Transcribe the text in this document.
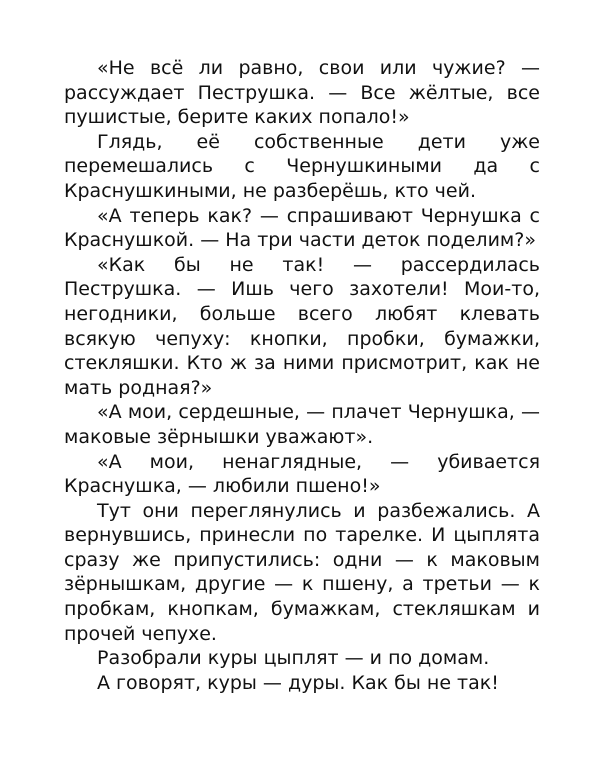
«Не всё ли равно, свои или чужие? — рассуждает Пеструшка. — Все жёлтые, все пушистые, берите каких попало!»

Глядь, её собственные дети уже перемешались с Чернушкиными да с Краснушкиными, не разберёшь, кто чей.

«А теперь как? — спрашивают Чернушка с Краснушкой. — На три части деток поделим?»

«Как бы не так! — рассердилась Пеструшка. — Ишь чего захотели! Мои-то, негодники, больше всего любят клевать всякую чепуху: кнопки, пробки, бумажки, стекляшки. Кто ж за ними присмотрит, как не мать родная?»

«А мои, сердешные, — плачет Чернушка, — маковые зёрнышки уважают».

«А мои, ненаглядные, — убивается Краснушка, — любили пшено!»

Тут они переглянулись и разбежались. А вернувшись, принесли по тарелке. И цыплята сразу же припустились: одни — к маковым зёрнышкам, другие — к пшену, а третьи — к пробкам, кнопкам, бумажкам, стекляшкам и прочей чепухе.

Разобрали куры цыплят — и по домам.

А говорят, куры — дуры. Как бы не так!
